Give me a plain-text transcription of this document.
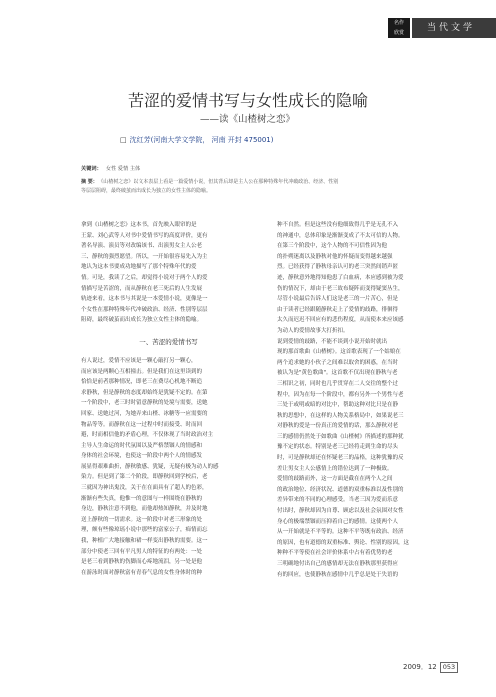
名作
欣赏	当代文学
苦涩的爱情书写与女性成长的隐喻
——读《山楂树之恋》
□ 沈红芳(河南大学文学院， 河南 开封 475001)
关键词： 女性 爱情 主体
摘 要： 《山楂树之恋》以文本表层上看是一篇爱情小说，但其背后却是主人公在那种特殊年代冲破政治、经济、性别
等层层阻碍，最终破茧而出成长为独立的女性主体的隐喻。
拿到《山楂树之恋》这本书，首先映入眼帘的是
王蒙、刘心武等人对书中爱情书写的高度评价，更有
著名导演、演员等对改编该书、出演男女主人公老
三、静秋的强烈愿望。所以，一开始很容易先入为主
地认为这本书要成功地描写了那个特殊年代的爱
情。可是，我读了之后，却觉得小说对于两个人的爱
情描写是苦涩的，而从静秋在老三死后的人生发展
轨迹来看，这本书与其说是一本爱情小说，更像是一
个女性在那种特殊年代冲破政治、经济、性别等层层
阻碍，最终破茧而出成长为独立女性主体的隐喻。
一、苦涩的爱情书写
有人说过，爱情不应该是一颗心敲打另一颗心，
而应该是两颗心互相撞击。但是我们在这里读到的
恰恰是前者那种情况，即老三在费尽心机地不断追
求静秋，但是静秋的态度却始终是犹疑不定的。在第
一个阶段中，老三时时留意静秋的处境与需要，送她
回家、送她过河，为她弄来山楂、冰糖等一应需要的
物品等等。而静秋在这一过程中时而接受、时而回
避，时而相信他的矛盾心理，不仅体现了当时政治对主
主导人生命运的时代氛围以及严格禁锢人的情感和
身体的社会环境，也使这一阶段中两个人的情感发
展显得艰难曲折，静秋敏感、犹疑，无疑有极为动人的感
染力。但是到了第二个阶段，即静秋回到学校后，老
三就因为神出鬼没，关于在在面具有了超人的色彩，
渐渐有些失真，他惟一的意图与一样围绕在静秋的
身边，静秋注意不到他，而他却热知静秋，并及时地
送上静秋的一切需求。这一阶段中对老三形象的处
理，颇有些像琼瑶小说中那些的富家公子，痴情而忘
我，种植广大地接触和裙一样变出静秋的需要。这一
部分中使老三回有平凡男人的特征的有两处：一处
是老三看到静秋的伤脚而心疼地流泪，另一处是他
在游泳时面对静秋富有青春气息的女性身体时的种
种不自然。但是这些没有他细致得几乎是无孔不入
的神通中，总体印象是渐渐变成了不太可信的人物。
在第三个阶段中，这个人物的不可信性因为他
的扑朔迷离以及静秋对他的怀疑而变得越来越强
烈。已经获得了静秋母亲认可的老三突然间销声匿
迹，静秋意外地得知他患了白血病，本应感到被为爱
伤的情况下，却由于老三故布疑阵而变得疑窦丛生，
尽管小说最后告诉人们这是老三的一片苦心，但是
由于读者已经跟随静秋走上了爱情的歧路，徘徊得
太久而迟迟不回应有的悲伤程度，从而使本来应该感
为动人的爱情故事大打折扣。
说到爱情的歧路，不能不谈到小说开始时就出
现的那首歌曲《山楂树》。这首歌表现了一个姑娘在
两个追求她的小伙子之间难以取舍的困惑，在当时
被认为是"黄色歌曲"。这首歌不仅出现在静秋与老
三相识之初，同时也几乎贯穿在二人交往的整个过
程中，因为在每一个阶段中，都有另外一个男性与老
三处于或明或暗的对比中，帮助这种对比只是在静
秋的思想中，在这样的人物关系格局中，如果说老三
对静秋的爱是一份真正的爱情的话，那么静秋对老
三的感情仍然处于如歌曲《山楂树》所描述的那种犹
豫不定的状态。特别是老三已经将走到生命的尽头
时，可是静秋却还在怀疑老三的品格，这种犹豫的反
差让男女主人公感情上的错位达到了一种极致。
爱情的歧路而外，这一方面是截在在两个人之间
的政治地位、经济状况、道德的双重标准以及性别的
差异带来的不同的心理感受。当老三因为爱而乐意
付出时，静秋却因为自尊、顾虑以及社会氛围对女性
身心的极端禁锢而压抑着自己的感情。这使两个人
从一开始就是不平等的。这种不平等既有政治、经济
的原因，也有道德的双重标准、舆论、性别的原因，这
种种不平等使在社会评价体系中占有着优势的老
三明确地付出自己的感情却无法在静秋那里获得应
有的回应，也使静秋在感情中几乎总是处于失语的
2009．12 053
